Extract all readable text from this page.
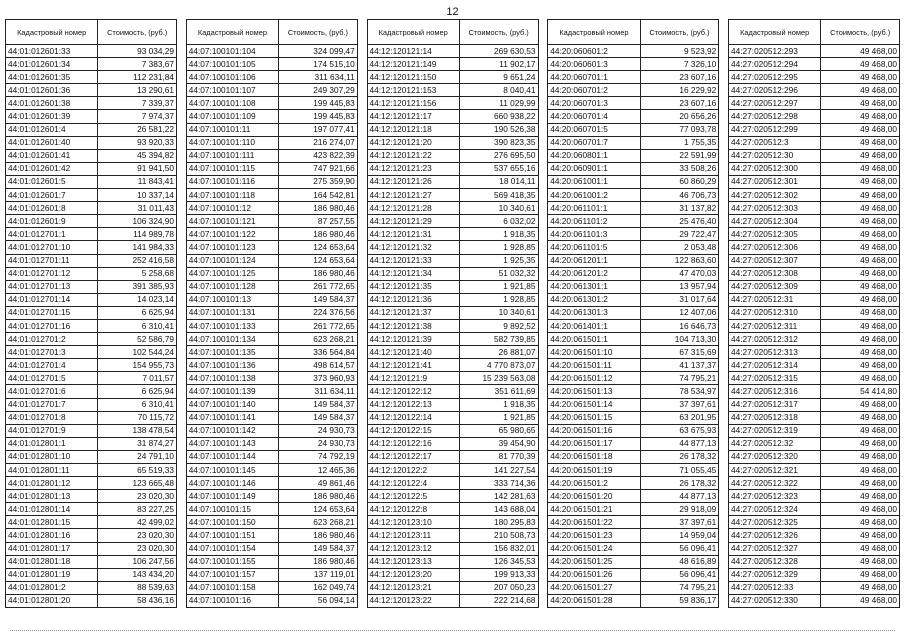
12
Кадастровый номер	Стоимость, (руб.)
44:01:012601:33	93 034,29
44:01:012601:34	7 383,67
44:01:012601:35	112 231,84
44:01:012601:36	13 290,61
44:01:012601:38	7 339,37
44:01:012601:39	7 974,37
44:01:012601:4	26 581,22
44:01:012601:40	93 920,33
44:01:012601:41	45 394,82
44:01:012601:42	91 941,50
44:01:012601:5	11 843,41
44:01:012601:7	10 337,14
44:01:012601:8	31 011,43
44:01:012601:9	106 324,90
44:01:012701:1	114 989,78
44:01:012701:10	141 984,33
44:01:012701:11	252 416,58
44:01:012701:12	5 258,68
44:01:012701:13	391 385,93
44:01:012701:14	14 023,14
44:01:012701:15	6 625,94
44:01:012701:16	6 310,41
44:01:012701:2	52 586,79
44:01:012701:3	102 544,24
44:01:012701:4	154 955,73
44:01:012701:5	7 011,57
44:01:012701:6	6 625,94
44:01:012701:7	6 310,41
44:01:012701:8	70 115,72
44:01:012701:9	138 478,54
44:01:012801:1	31 874,27
44:01:012801:10	24 791,10
44:01:012801:11	65 519,33
44:01:012801:12	123 665,48
44:01:012801:13	23 020,30
44:01:012801:14	83 227,25
44:01:012801:15	42 499,02
44:01:012801:16	23 020,30
44:01:012801:17	23 020,30
44:01:012801:18	106 247,56
44:01:012801:19	143 434,20
44:01:012801:2	88 539,63
44:01:012801:20	58 436,16
Кадастровый номер	Стоимость, (руб.)
44:07:100101:104	324 099,47
44:07:100101:105	174 515,10
44:07:100101:106	311 634,11
44:07:100101:107	249 307,29
44:07:100101:108	199 445,83
44:07:100101:109	199 445,83
44:07:100101:11	197 077,41
44:07:100101:110	216 274,07
44:07:100101:111	423 822,39
44:07:100101:115	747 921,66
44:07:100101:116	275 359,90
44:07:100101:118	164 542,81
44:07:100101:12	186 980,46
44:07:100101:121	87 257,55
44:07:100101:122	186 980,46
44:07:100101:123	124 653,64
44:07:100101:124	124 653,64
44:07:100101:125	186 980,46
44:07:100101:128	261 772,65
44:07:100101:13	149 584,37
44:07:100101:131	224 376,56
44:07:100101:133	261 772,65
44:07:100101:134	623 268,21
44:07:100101:135	336 564,84
44:07:100101:136	498 614,57
44:07:100101:138	373 960,93
44:07:100101:139	311 634,11
44:07:100101:140	149 584,37
44:07:100101:141	149 584,37
44:07:100101:142	24 930,73
44:07:100101:143	24 930,73
44:07:100101:144	74 792,19
44:07:100101:145	12 465,36
44:07:100101:146	49 861,46
44:07:100101:149	186 980,46
44:07:100101:15	124 653,64
44:07:100101:150	623 268,21
44:07:100101:151	186 980,46
44:07:100101:154	149 584,37
44:07:100101:155	186 980,46
44:07:100101:157	137 119,01
44:07:100101:158	162 049,74
44:07:100101:16	56 094,14
Кадастровый номер	Стоимость, (руб.)
44:12:120121:14	269 630,53
44:12:120121:149	11 902,17
44:12:120121:150	9 651,24
44:12:120121:153	8 040,41
44:12:120121:156	11 029,99
44:12:120121:17	660 938,22
44:12:120121:18	190 526,38
44:12:120121:20	390 823,35
44:12:120121:22	276 695,50
44:12:120121:23	537 655,16
44:12:120121:26	18 014,11
44:12:120121:27	569 418,35
44:12:120121:28	10 340,61
44:12:120121:29	6 032,02
44:12:120121:31	1 918,35
44:12:120121:32	1 928,85
44:12:120121:33	1 925,35
44:12:120121:34	51 032,32
44:12:120121:35	1 921,85
44:12:120121:36	1 928,85
44:12:120121:37	10 340,61
44:12:120121:38	9 892,52
44:12:120121:39	582 739,85
44:12:120121:40	26 881,07
44:12:120121:41	4 770 873,07
44:12:120121:9	15 239 563,08
44:12:120122:12	351 611,69
44:12:120122:13	1 918,35
44:12:120122:14	1 921,85
44:12:120122:15	65 980,65
44:12:120122:16	39 454,90
44:12:120122:17	81 770,39
44:12:120122:2	141 227,54
44:12:120122:4	333 714,36
44:12:120122:5	142 281,63
44:12:120122:8	143 688,04
44:12:120123:10	180 295,83
44:12:120123:11	210 508,73
44:12:120123:12	156 832,01
44:12:120123:13	126 345,53
44:12:120123:20	199 913,33
44:12:120123:21	207 050,23
44:12:120123:22	222 214,68
Кадастровый номер	Стоимость, (руб.)
44:20:060601:2	9 523,92
44:20:060601:3	7 326,10
44:20:060701:1	23 607,16
44:20:060701:2	16 229,92
44:20:060701:3	23 607,16
44:20:060701:4	20 656,26
44:20:060701:5	77 093,78
44:20:060701:7	1 755,35
44:20:060801:1	22 591,99
44:20:060901:1	33 508,26
44:20:061001:1	60 860,29
44:20:061001:2	46 706,73
44:20:061101:1	31 137,82
44:20:061101:2	25 476,40
44:20:061101:3	29 722,47
44:20:061101:5	2 053,48
44:20:061201:1	122 863,60
44:20:061201:2	47 470,03
44:20:061301:1	13 957,94
44:20:061301:2	31 017,64
44:20:061301:3	12 407,06
44:20:061401:1	16 646,73
44:20:061501:1	104 713,30
44:20:061501:10	67 315,69
44:20:061501:11	41 137,37
44:20:061501:12	74 795,21
44:20:061501:13	78 534,97
44:20:061501:14	37 397,61
44:20:061501:15	63 201,95
44:20:061501:16	63 675,93
44:20:061501:17	44 877,13
44:20:061501:18	26 178,32
44:20:061501:19	71 055,45
44:20:061501:2	26 178,32
44:20:061501:20	44 877,13
44:20:061501:21	29 918,09
44:20:061501:22	37 397,61
44:20:061501:23	14 959,04
44:20:061501:24	56 096,41
44:20:061501:25	48 616,89
44:20:061501:26	56 096,41
44:20:061501:27	74 795,21
44:20:061501:28	59 836,17
Кадастровый номер	Стоимость, (руб.)
44:27:020512:293	49 468,00
44:27:020512:294	49 468,00
44:27:020512:295	49 468,00
44:27:020512:296	49 468,00
44:27:020512:297	49 468,00
44:27:020512:298	49 468,00
44:27:020512:299	49 468,00
44:27:020512:3	49 468,00
44:27:020512:30	49 468,00
44:27:020512:300	49 468,00
44:27:020512:301	49 468,00
44:27:020512:302	49 468,00
44:27:020512:303	49 468,00
44:27:020512:304	49 468,00
44:27:020512:305	49 468,00
44:27:020512:306	49 468,00
44:27:020512:307	49 468,00
44:27:020512:308	49 468,00
44:27:020512:309	49 468,00
44:27:020512:31	49 468,00
44:27:020512:310	49 468,00
44:27:020512:311	49 468,00
44:27:020512:312	49 468,00
44:27:020512:313	49 468,00
44:27:020512:314	49 468,00
44:27:020512:315	49 468,00
44:27:020512:316	54 414,80
44:27:020512:317	49 468,00
44:27:020512:318	49 468,00
44:27:020512:319	49 468,00
44:27:020512:32	49 468,00
44:27:020512:320	49 468,00
44:27:020512:321	49 468,00
44:27:020512:322	49 468,00
44:27:020512:323	49 468,00
44:27:020512:324	49 468,00
44:27:020512:325	49 468,00
44:27:020512:326	49 468,00
44:27:020512:327	49 468,00
44:27:020512:328	49 468,00
44:27:020512:329	49 468,00
44:27:020512:33	49 468,00
44:27:020512:330	49 468,00
